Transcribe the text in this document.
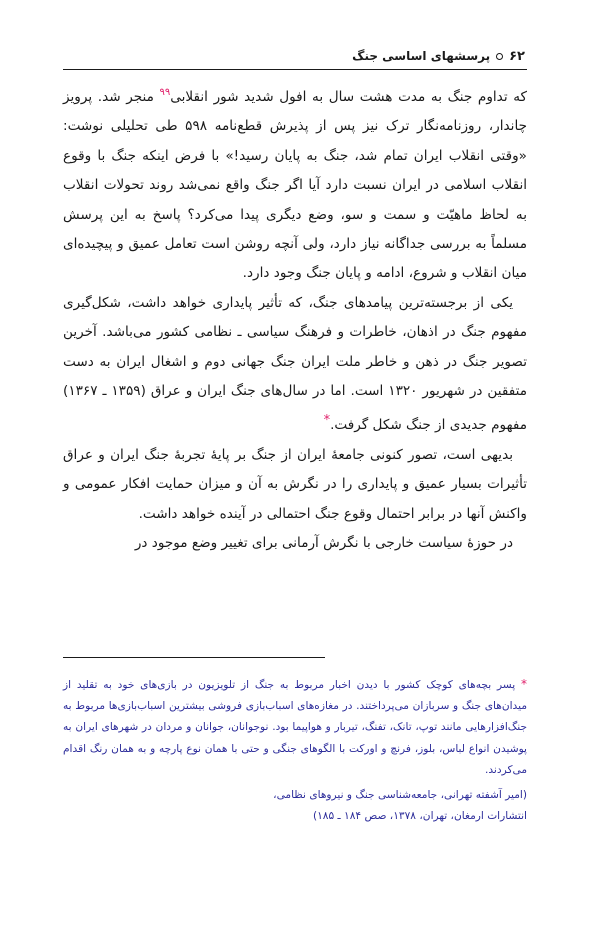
۶۲
پرسشهای اساسی جنگ

که تداوم جنگ به مدت هشت سال به افول شدید شور انقلابی$^{۹۹}$ منجر شد. پرویز چاندار، روزنامه‌نگار ترک نیز پس از پذیرش قطع‌نامه ۵۹۸ طی تحلیلی نوشت: «وقتی انقلاب ایران تمام شد، جنگ به پایان رسید!» با فرض اینکه جنگ با وقوع انقلاب اسلامی در ایران نسبت دارد آیا اگر جنگ واقع نمی‌شد روند تحولات انقلاب به لحاظ ماهیّت و سمت و سو، وضع دیگری پیدا می‌کرد؟ پاسخ به این پرسش مسلماً به بررسی جداگانه نیاز دارد، ولی آنچه روشن است تعامل عمیق و پیچیده‌ای میان انقلاب و شروع، ادامه و پایان جنگ وجود دارد.

یکی از برجسته‌ترین پیامدهای جنگ، که تأثیر پایداری خواهد داشت، شکل‌گیری مفهوم جنگ در اذهان، خاطرات و فرهنگ سیاسی ـ نظامی کشور می‌باشد. آخرین تصویر جنگ در ذهن و خاطر ملت ایران جنگ جهانی دوم و اشغال ایران به دست متفقین در شهریور ۱۳۲۰ است. اما در سال‌های جنگ ایران و عراق (۱۳۵۹ ـ ۱۳۶۷) مفهوم جدیدی از جنگ شکل گرفت.*

بدیهی است، تصور کنونی جامعهٔ ایران از جنگ بر پایهٔ تجربهٔ جنگ ایران و عراق تأثیرات بسیار عمیق و پایداری را در نگرش به آن و میزان حمایت افکار عمومی و واکنش آنها در برابر احتمال وقوع جنگ احتمالی در آینده خواهد داشت.

در حوزهٔ سیاست خارجی با نگرش آرمانی برای تغییر وضع موجود در

* پسر بچه‌های کوچک کشور با دیدن اخبار مربوط به جنگ از تلویزیون در بازی‌های خود به تقلید از میدان‌های جنگ و سربازان می‌پرداختند. در مغازه‌های اسباب‌بازی فروشی بیشترین اسباب‌بازی‌ها مربوط به جنگ‌افزارهایی مانند توپ، تانک، تفنگ، تیربار و هواپیما بود. نوجوانان، جوانان و مردان در شهرهای ایران به پوشیدن انواع لباس، بلوز، فرنچ و اورکت با الگوهای جنگی و حتی با همان نوع پارچه و به همان رنگ اقدام می‌کردند.
(امیر آشفته تهرانی، جامعه‌شناسی جنگ و نیروهای نظامی،
انتشارات ارمغان، تهران، ۱۳۷۸، صص ۱۸۴ ـ ۱۸۵)
